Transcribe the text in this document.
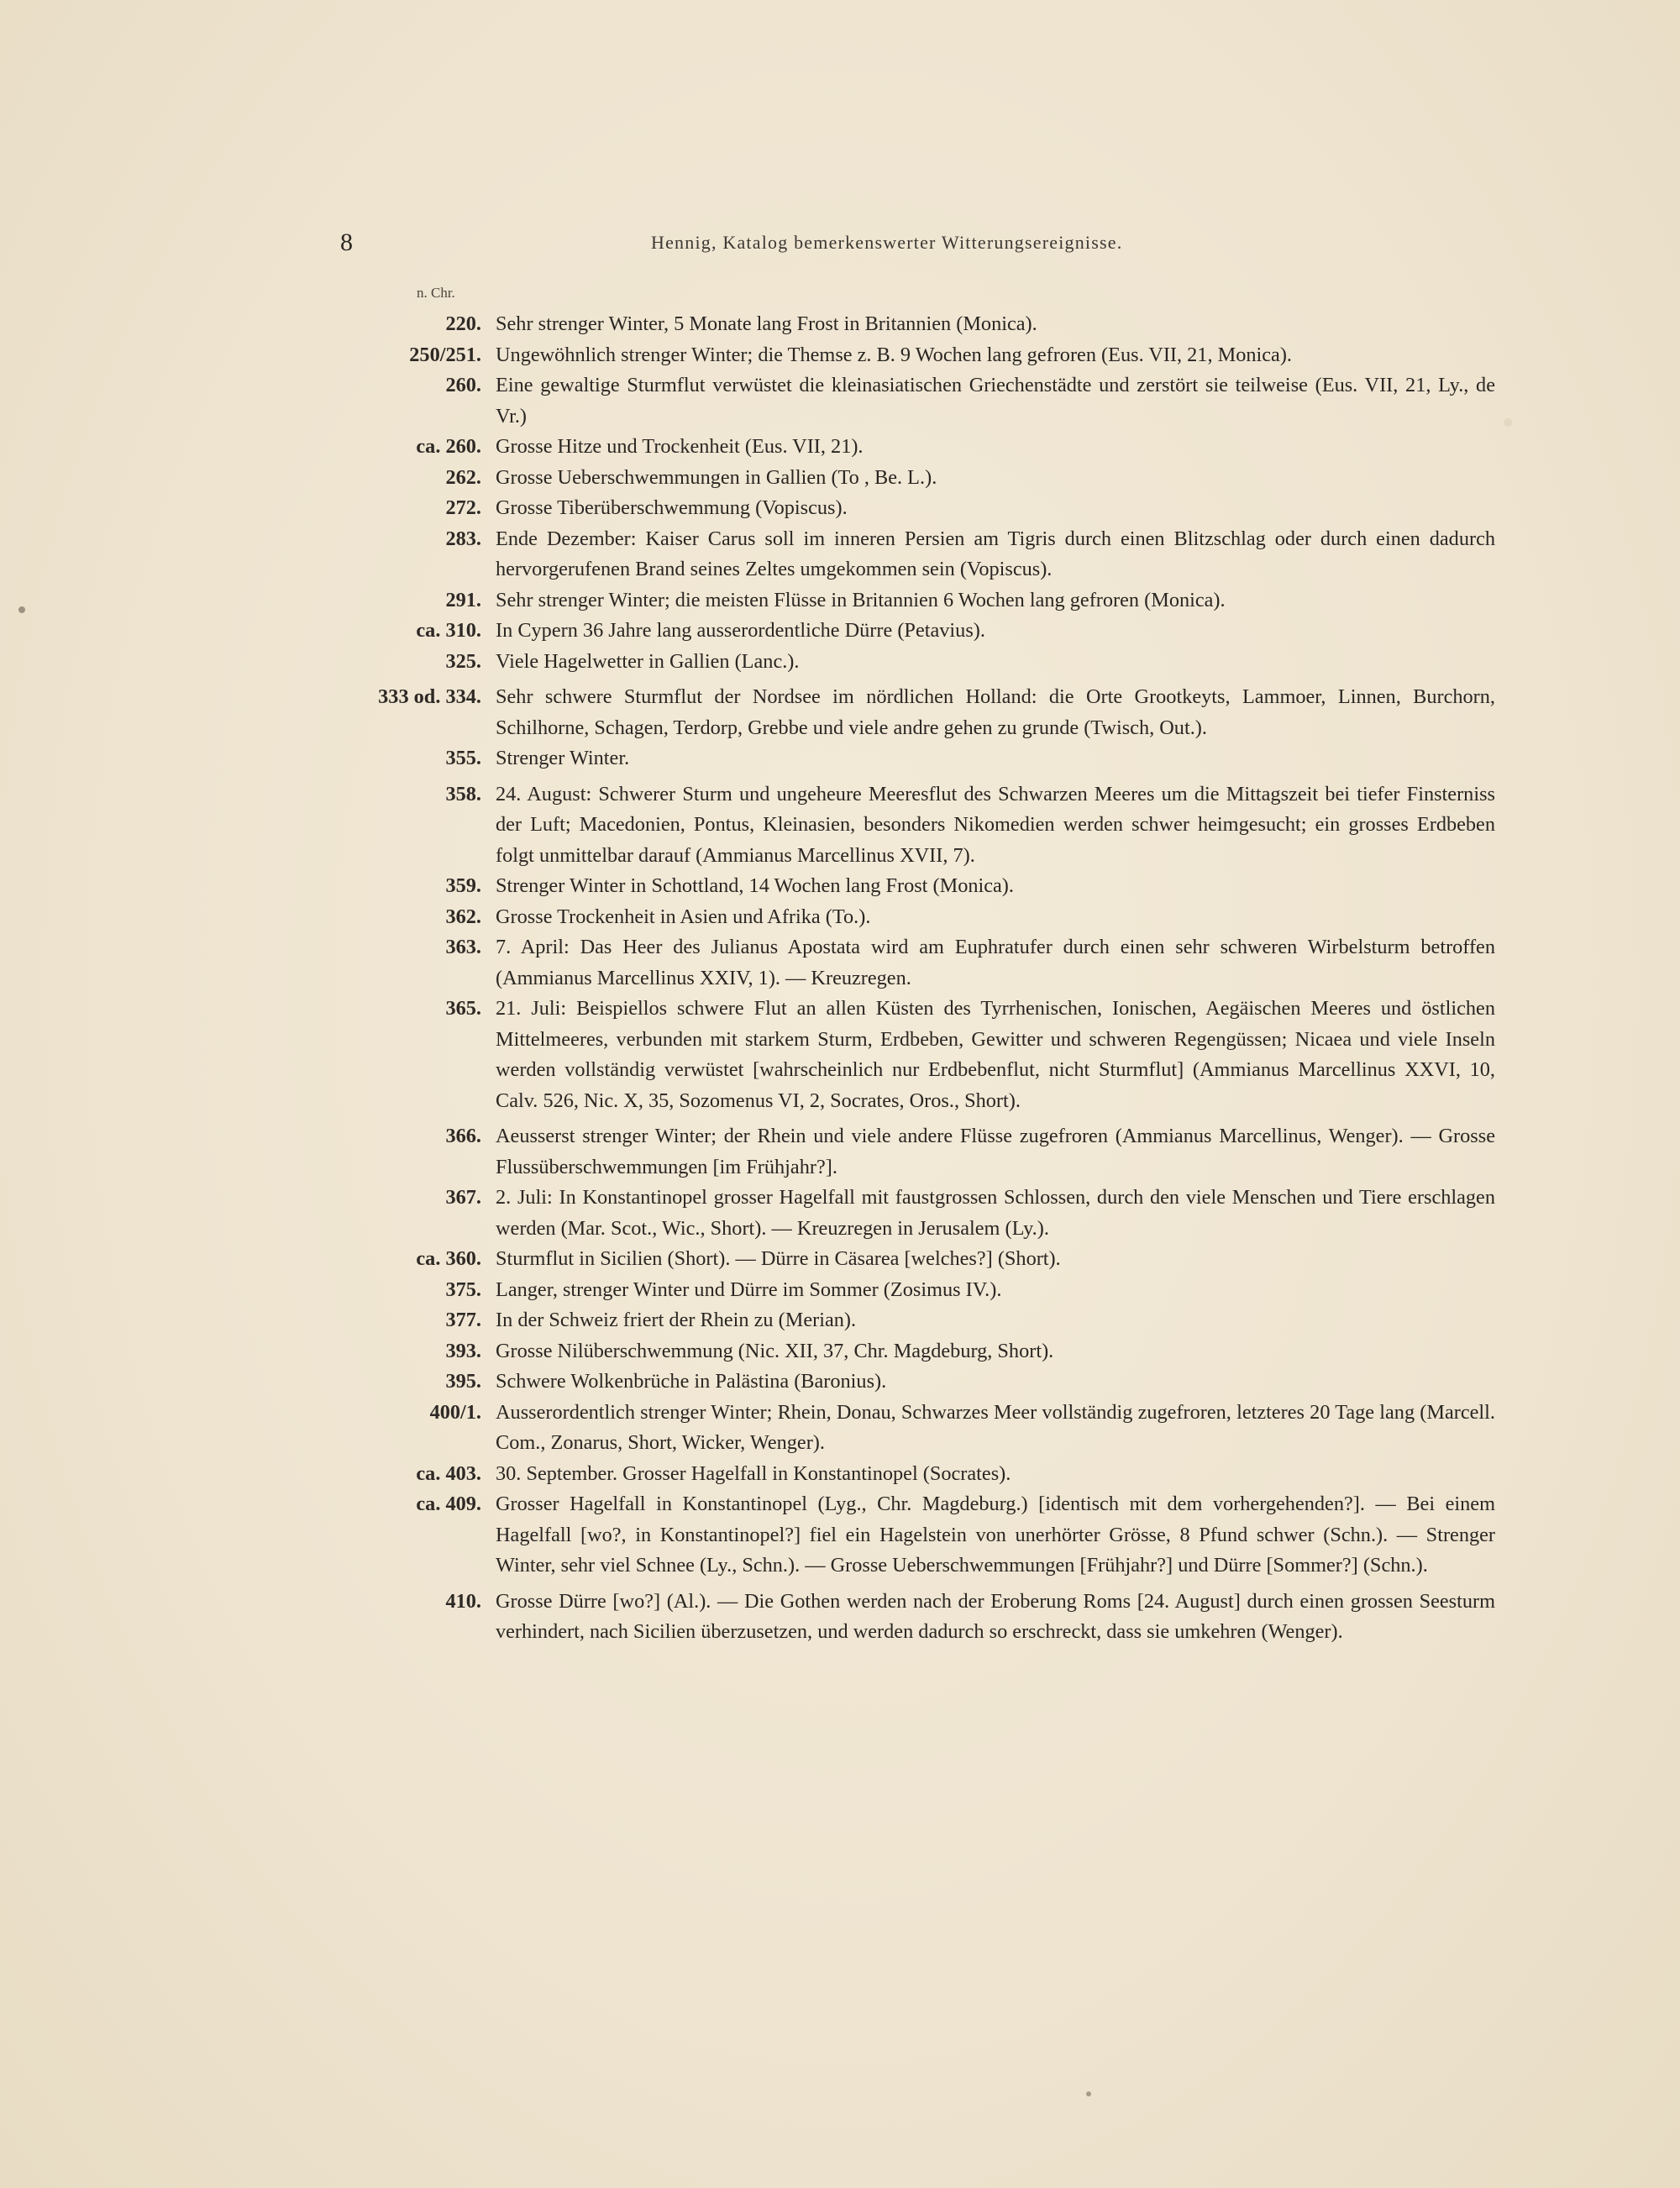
8	Hennig, Katalog bemerkenswerter Witterungsereignisse.
n. Chr.
220. Sehr strenger Winter, 5 Monate lang Frost in Britannien (Monica).
250/251. Ungewöhnlich strenger Winter; die Themse z. B. 9 Wochen lang gefroren (Eus. VII, 21, Monica).
260. Eine gewaltige Sturmflut verwüstet die kleinasiatischen Griechenstädte und zerstört sie teilweise (Eus. VII, 21, Ly., de Vr.)
ca. 260. Grosse Hitze und Trockenheit (Eus. VII, 21).
262. Grosse Ueberschwemmungen in Gallien (To , Be. L.).
272. Grosse Tiberüberschwemmung (Vopiscus).
283. Ende Dezember: Kaiser Carus soll im inneren Persien am Tigris durch einen Blitzschlag oder durch einen dadurch hervorgerufenen Brand seines Zeltes umgekommen sein (Vopiscus).
291. Sehr strenger Winter; die meisten Flüsse in Britannien 6 Wochen lang gefroren (Monica).
ca. 310. In Cypern 36 Jahre lang ausserordentliche Dürre (Petavius).
325. Viele Hagelwetter in Gallien (Lanc.).
333 od. 334. Sehr schwere Sturmflut der Nordsee im nördlichen Holland: die Orte Grootkeyts, Lammoer, Linnen, Burchorn, Schilhorne, Schagen, Terdorp, Grebbe und viele andre gehen zu grunde (Twisch, Out.).
355. Strenger Winter.
358. 24. August: Schwerer Sturm und ungeheure Meeresflut des Schwarzen Meeres um die Mittagszeit bei tiefer Finsterniss der Luft; Macedonien, Pontus, Kleinasien, besonders Nikomedien werden schwer heimgesucht; ein grosses Erdbeben folgt unmittelbar darauf (Ammianus Marcellinus XVII, 7).
359. Strenger Winter in Schottland, 14 Wochen lang Frost (Monica).
362. Grosse Trockenheit in Asien und Afrika (To.).
363. 7. April: Das Heer des Julianus Apostata wird am Euphratufer durch einen sehr schweren Wirbelsturm betroffen (Ammianus Marcellinus XXIV, 1). — Kreuzregen.
365. 21. Juli: Beispiellos schwere Flut an allen Küsten des Tyrrhenischen, Ionischen, Aegäischen Meeres und östlichen Mittelmeeres, verbunden mit starkem Sturm, Erdbeben, Gewitter und schweren Regengüssen; Nicaea und viele Inseln werden vollständig verwüstet [wahrscheinlich nur Erdbebenflut, nicht Sturmflut] (Ammianus Marcellinus XXVI, 10, Calv. 526, Nic. X, 35, Sozomenus VI, 2, Socrates, Oros., Short).
366. Aeusserst strenger Winter; der Rhein und viele andere Flüsse zugefroren (Ammianus Marcellinus, Wenger). — Grosse Flussüberschwemmungen [im Frühjahr?].
367. 2. Juli: In Konstantinopel grosser Hagelfall mit faustgrossen Schlossen, durch den viele Menschen und Tiere erschlagen werden (Mar. Scot., Wic., Short). — Kreuzregen in Jerusalem (Ly.).
ca. 360. Sturmflut in Sicilien (Short). — Dürre in Cäsarea [welches?] (Short).
375. Langer, strenger Winter und Dürre im Sommer (Zosimus IV.).
377. In der Schweiz friert der Rhein zu (Merian).
393. Grosse Nilüberschwemmung (Nic. XII, 37, Chr. Magdeburg, Short).
395. Schwere Wolkenbrüche in Palästina (Baronius).
400/1. Ausserordentlich strenger Winter; Rhein, Donau, Schwarzes Meer vollständig zugefroren, letzteres 20 Tage lang (Marcell. Com., Zonarus, Short, Wicker, Wenger).
ca. 403. 30. September. Grosser Hagelfall in Konstantinopel (Socrates).
ca. 409. Grosser Hagelfall in Konstantinopel (Lyg., Chr. Magdeburg.) [identisch mit dem vorhergehenden?]. — Bei einem Hagelfall [wo?, in Konstantinopel?] fiel ein Hagelstein von unerhörter Grösse, 8 Pfund schwer (Schn.). — Strenger Winter, sehr viel Schnee (Ly., Schn.). — Grosse Ueberschwemmungen [Frühjahr?] und Dürre [Sommer?] (Schn.).
410. Grosse Dürre [wo?] (Al.). — Die Gothen werden nach der Eroberung Roms [24. August] durch einen grossen Seesturm verhindert, nach Sicilien überzusetzen, und werden dadurch so erschreckt, dass sie umkehren (Wenger).
